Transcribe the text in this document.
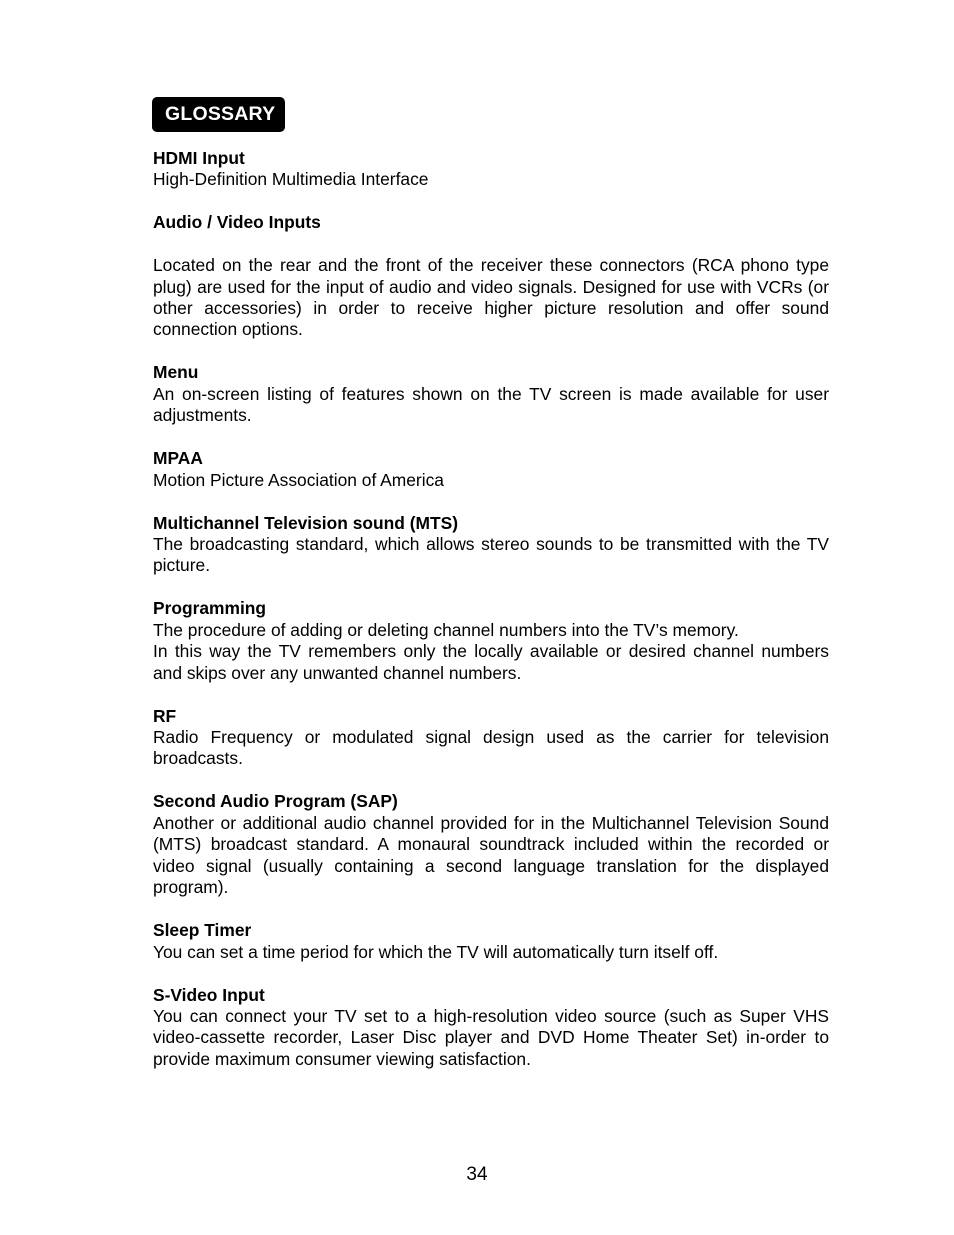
GLOSSARY

HDMI Input

High-Definition Multimedia Interface

Audio / Video Inputs

Located on the rear and the front of the receiver these connectors (RCA phono type plug) are used for the input of audio and video signals. Designed for use with VCRs (or other accessories) in order to receive higher picture resolution and offer sound connection options.

Menu

An on-screen listing of features shown on the TV screen is made available for user adjustments.

MPAA

Motion Picture Association of America

Multichannel Television sound (MTS)

The broadcasting standard, which allows stereo sounds to be transmitted with the TV picture.

Programming

The procedure of adding or deleting channel numbers into the TV’s memory.

In this way the TV remembers only the locally available or desired channel numbers and skips over any unwanted channel numbers.

RF

Radio Frequency or modulated signal design used as the carrier for television broadcasts.

Second Audio Program (SAP)

Another or additional audio channel provided for in the Multichannel Television Sound (MTS) broadcast standard. A monaural soundtrack included within the recorded or video signal (usually containing a second language translation for the displayed program).

Sleep Timer

You can set a time period for which the TV will automatically turn itself off.

S-Video Input

You can connect your TV set to a high-resolution video source (such as Super VHS video-cassette recorder, Laser Disc player and DVD Home Theater Set) in-order to provide maximum consumer viewing satisfaction.

34
